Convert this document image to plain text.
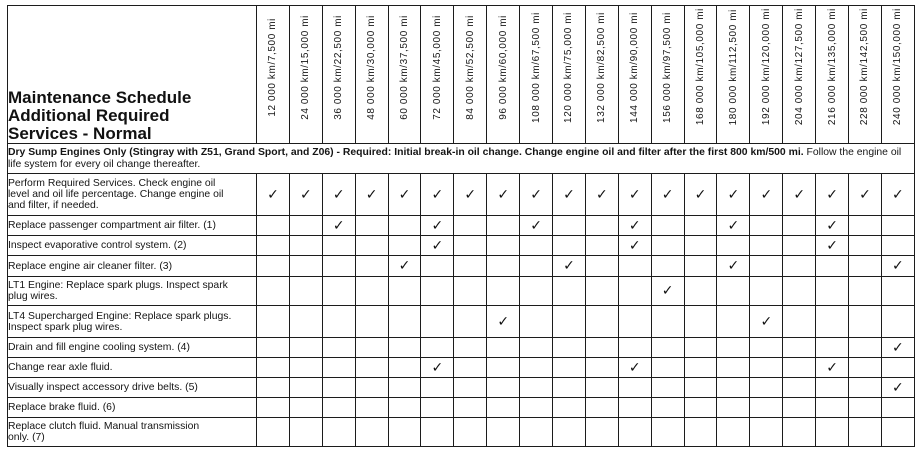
Maintenance Schedule
Additional Required
Services - Normal	12 000 km/7,500 mi	24 000 km/15,000 mi	36 000 km/22,500 mi	48 000 km/30,000 mi	60 000 km/37,500 mi	72 000 km/45,000 mi	84 000 km/52,500 mi	96 000 km/60,000 mi	108 000 km/67,500 mi	120 000 km/75,000 mi	132 000 km/82,500 mi	144 000 km/90,000 mi	156 000 km/97,500 mi	168 000 km/105,000 mi	180 000 km/112,500 mi	192 000 km/120,000 mi	204 000 km/127,500 mi	216 000 km/135,000 mi	228 000 km/142,500 mi	240 000 km/150,000 mi

Dry Sump Engines Only (Stingray with Z51, Grand Sport, and Z06) - Required: Initial break-in oil change. Change engine oil and filter after the first 800 km/500 mi. Follow the engine oil life system for every oil change thereafter.																				

Perform Required Services. Check engine oil
level and oil life percentage. Change engine oil
and filter, if needed.	✓	✓	✓	✓	✓	✓	✓	✓	✓	✓	✓	✓	✓	✓	✓	✓	✓	✓	✓	✓

Replace passenger compartment air filter. (1)			✓			✓			✓			✓			✓			✓		

Inspect evaporative control system. (2)						✓						✓						✓		

Replace engine air cleaner filter. (3)					✓					✓					✓					✓

LT1 Engine: Replace spark plugs. Inspect spark
plug wires.													✓							

LT4 Supercharged Engine: Replace spark plugs.
Inspect spark plug wires.								✓								✓				

Drain and fill engine cooling system. (4)																				✓

Change rear axle fluid.						✓						✓						✓		

Visually inspect accessory drive belts. (5)																				✓

Replace brake fluid. (6)																				

Replace clutch fluid. Manual transmission
only. (7)																				
